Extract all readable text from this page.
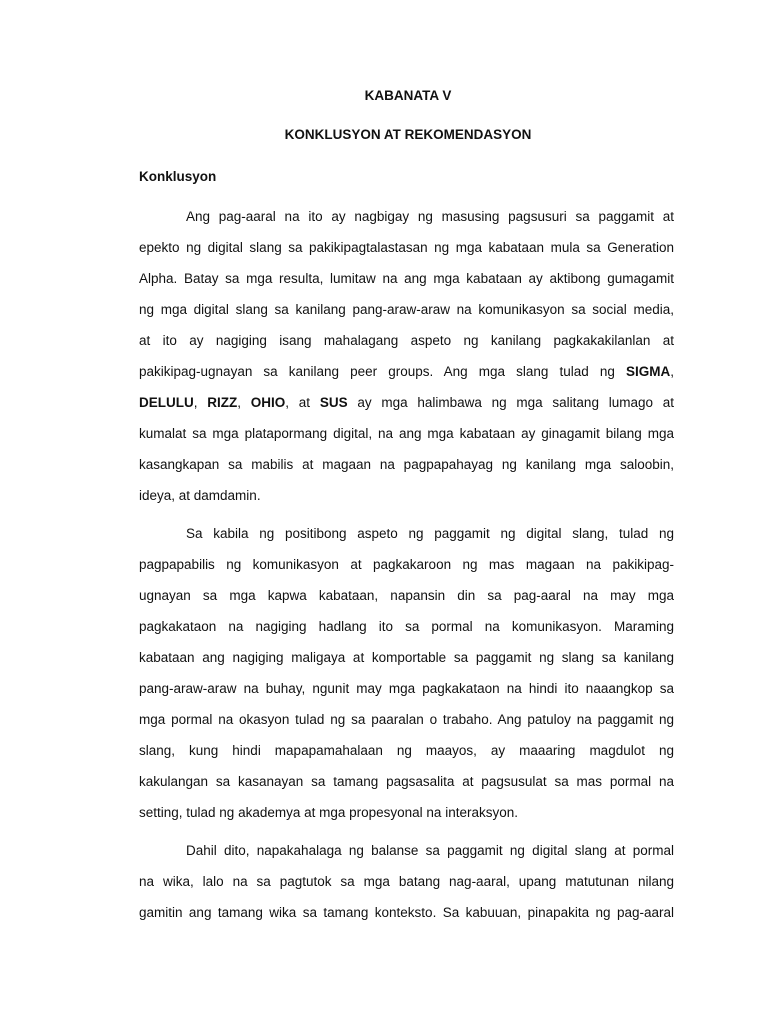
KABANATA V
KONKLUSYON AT REKOMENDASYON
Konklusyon
Ang pag-aaral na ito ay nagbigay ng masusing pagsusuri sa paggamit at
epekto ng digital slang sa pakikipagtalastasan ng mga kabataan mula sa Generation
Alpha. Batay sa mga resulta, lumitaw na ang mga kabataan ay aktibong gumagamit
ng mga digital slang sa kanilang pang-araw-araw na komunikasyon sa social media,
at ito ay nagiging isang mahalagang aspeto ng kanilang pagkakakilanlan at
pakikipag-ugnayan sa kanilang peer groups. Ang mga slang tulad ng SIGMA,
DELULU, RIZZ, OHIO, at SUS ay mga halimbawa ng mga salitang lumago at
kumalat sa mga platapormang digital, na ang mga kabataan ay ginagamit bilang mga
kasangkapan sa mabilis at magaan na pagpapahayag ng kanilang mga saloobin,
ideya, at damdamin.
Sa kabila ng positibong aspeto ng paggamit ng digital slang, tulad ng
pagpapabilis ng komunikasyon at pagkakaroon ng mas magaan na pakikipag-
ugnayan sa mga kapwa kabataan, napansin din sa pag-aaral na may mga
pagkakataon na nagiging hadlang ito sa pormal na komunikasyon. Maraming
kabataan ang nagiging maligaya at komportable sa paggamit ng slang sa kanilang
pang-araw-araw na buhay, ngunit may mga pagkakataon na hindi ito naaangkop sa
mga pormal na okasyon tulad ng sa paaralan o trabaho. Ang patuloy na paggamit ng
slang, kung hindi mapapamahalaan ng maayos, ay maaaring magdulot ng
kakulangan sa kasanayan sa tamang pagsasalita at pagsusulat sa mas pormal na
setting, tulad ng akademya at mga propesyonal na interaksyon.
Dahil dito, napakahalaga ng balanse sa paggamit ng digital slang at pormal
na wika, lalo na sa pagtutok sa mga batang nag-aaral, upang matutunan nilang
gamitin ang tamang wika sa tamang konteksto. Sa kabuuan, pinapakita ng pag-aaral
